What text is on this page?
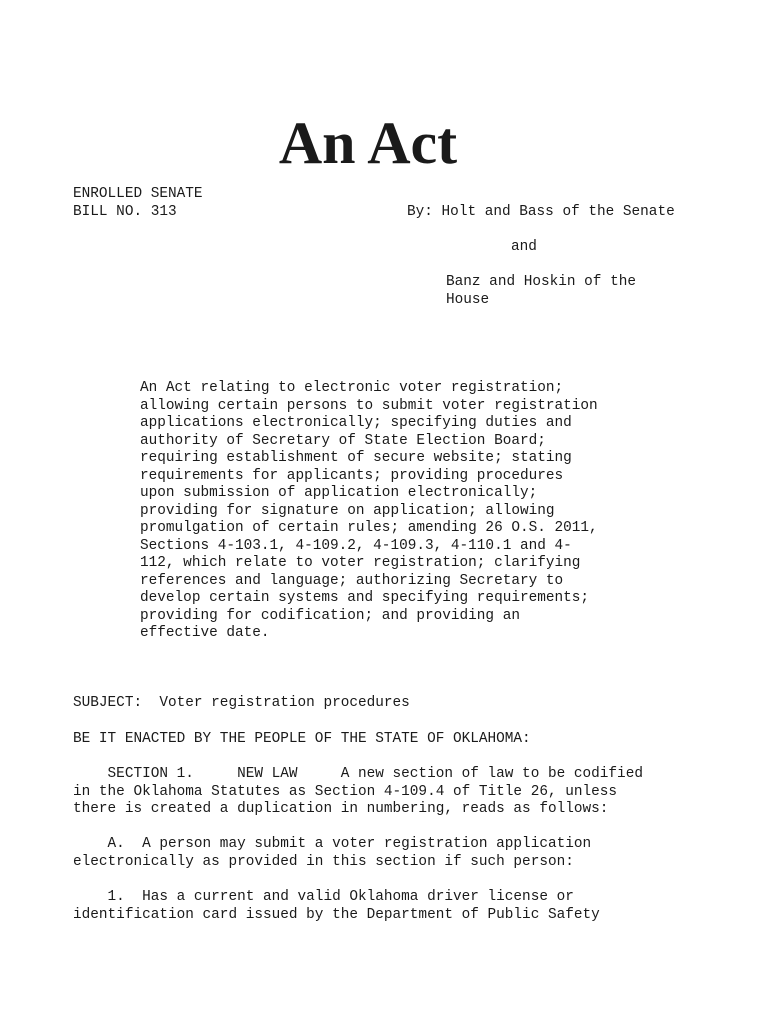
An Act
ENROLLED SENATE
BILL NO. 313	By: Holt and Bass of the Senate
and
Banz and Hoskin of the
House
An Act relating to electronic voter registration;
allowing certain persons to submit voter registration
applications electronically; specifying duties and
authority of Secretary of State Election Board;
requiring establishment of secure website; stating
requirements for applicants; providing procedures
upon submission of application electronically;
providing for signature on application; allowing
promulgation of certain rules; amending 26 O.S. 2011,
Sections 4-103.1, 4-109.2, 4-109.3, 4-110.1 and 4-
112, which relate to voter registration; clarifying
references and language; authorizing Secretary to
develop certain systems and specifying requirements;
providing for codification; and providing an
effective date.
SUBJECT:  Voter registration procedures
BE IT ENACTED BY THE PEOPLE OF THE STATE OF OKLAHOMA:
SECTION 1.     NEW LAW     A new section of law to be codified
in the Oklahoma Statutes as Section 4-109.4 of Title 26, unless
there is created a duplication in numbering, reads as follows:
A.  A person may submit a voter registration application
electronically as provided in this section if such person:
1.  Has a current and valid Oklahoma driver license or
identification card issued by the Department of Public Safety
